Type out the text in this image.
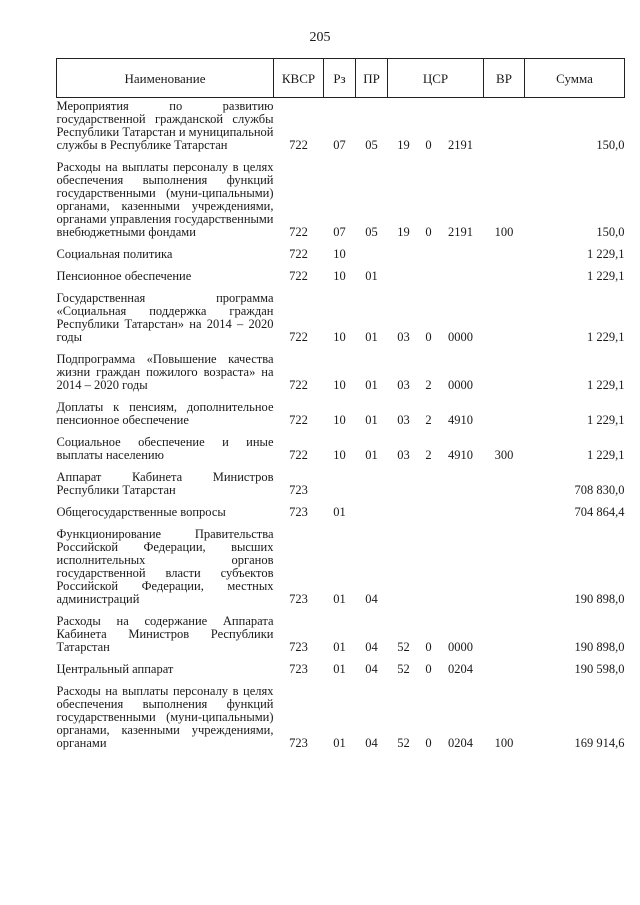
205
Наименование	КВСР	Рз	ПР	ЦСР			ВР	Сумма
Мероприятия по развитию государственной гражданской службы Республики Татарстан и муниципальной службы в Республике Татарстан	722	07	05	19	0	2191		150,0
Расходы на выплаты персоналу в целях обеспечения выполнения функций государственными (муни-ципальными) органами, казенными учреждениями, органами управления государственными внебюджетными фондами	722	07	05	19	0	2191	100	150,0
Социальная политика	722	10						1 229,1
Пенсионное обеспечение	722	10	01					1 229,1
Государственная программа «Социальная поддержка граждан Республики Татарстан» на 2014 – 2020 годы	722	10	01	03	0	0000		1 229,1
Подпрограмма «Повышение качества жизни граждан пожилого возраста» на 2014 – 2020 годы	722	10	01	03	2	0000		1 229,1
Доплаты к пенсиям, дополнительное пенсионное обеспечение	722	10	01	03	2	4910		1 229,1
Социальное обеспечение и иные выплаты населению	722	10	01	03	2	4910	300	1 229,1
Аппарат Кабинета Министров Республики Татарстан	723							708 830,0
Общегосударственные вопросы	723	01						704 864,4
Функционирование Правительства Российской Федерации, высших исполнительных органов государственной власти субъектов Российской Федерации, местных администраций	723	01	04					190 898,0
Расходы на содержание Аппарата Кабинета Министров Республики Татарстан	723	01	04	52	0	0000		190 898,0
Центральный аппарат	723	01	04	52	0	0204		190 598,0
Расходы на выплаты персоналу в целях обеспечения выполнения функций государственными (муни-ципальными) органами, казенными учреждениями, органами	723	01	04	52	0	0204	100	169 914,6
